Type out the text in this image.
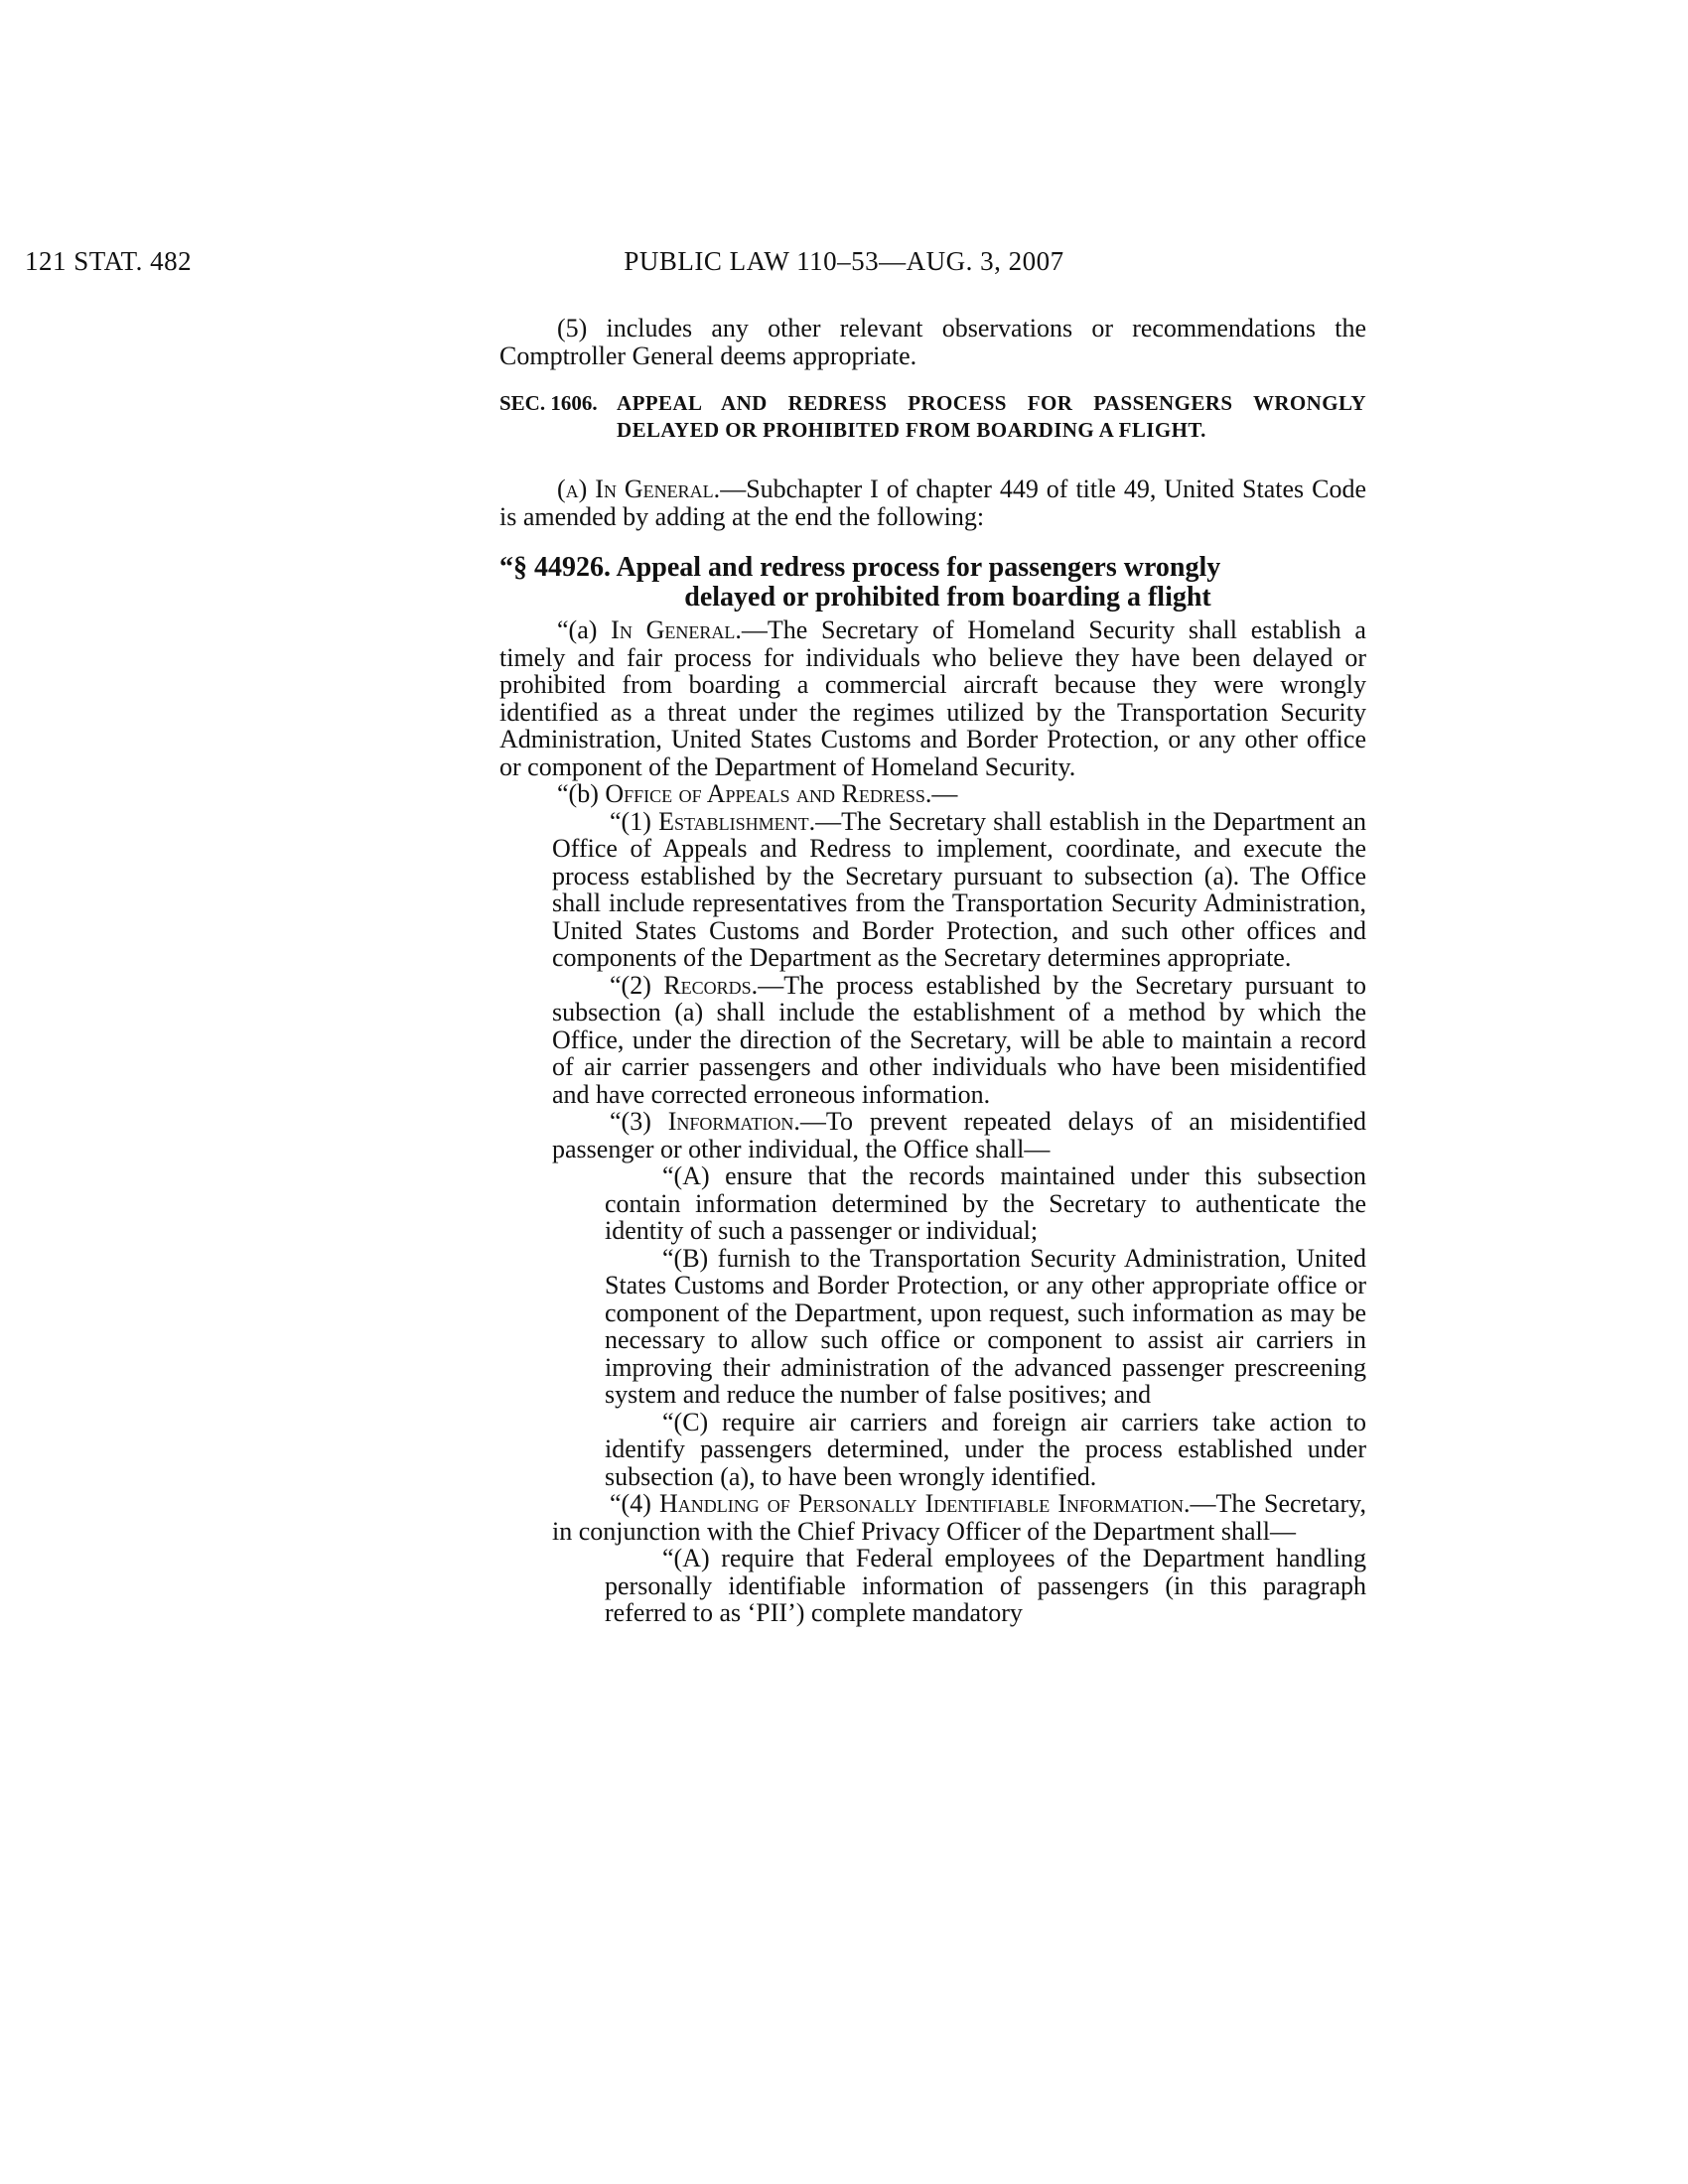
121 STAT. 482	PUBLIC LAW 110–53—AUG. 3, 2007

(5) includes any other relevant observations or recommendations the Comptroller General deems appropriate.

SEC. 1606. APPEAL AND REDRESS PROCESS FOR PASSENGERS WRONGLY DELAYED OR PROHIBITED FROM BOARDING A FLIGHT.

(a) In General.—Subchapter I of chapter 449 of title 49, United States Code is amended by adding at the end the following:

“§ 44926. Appeal and redress process for passengers wrongly
delayed or prohibited from boarding a flight

“(a) In General.—The Secretary of Homeland Security shall establish a timely and fair process for individuals who believe they have been delayed or prohibited from boarding a commercial aircraft because they were wrongly identified as a threat under the regimes utilized by the Transportation Security Administration, United States Customs and Border Protection, or any other office or component of the Department of Homeland Security.

“(b) Office of Appeals and Redress.—

“(1) Establishment.—The Secretary shall establish in the Department an Office of Appeals and Redress to implement, coordinate, and execute the process established by the Secretary pursuant to subsection (a). The Office shall include representatives from the Transportation Security Administration, United States Customs and Border Protection, and such other offices and components of the Department as the Secretary determines appropriate.

“(2) Records.—The process established by the Secretary pursuant to subsection (a) shall include the establishment of a method by which the Office, under the direction of the Secretary, will be able to maintain a record of air carrier passengers and other individuals who have been misidentified and have corrected erroneous information.

“(3) Information.—To prevent repeated delays of an misidentified passenger or other individual, the Office shall—

“(A) ensure that the records maintained under this subsection contain information determined by the Secretary to authenticate the identity of such a passenger or individual;

“(B) furnish to the Transportation Security Administration, United States Customs and Border Protection, or any other appropriate office or component of the Department, upon request, such information as may be necessary to allow such office or component to assist air carriers in improving their administration of the advanced passenger prescreening system and reduce the number of false positives; and

“(C) require air carriers and foreign air carriers take action to identify passengers determined, under the process established under subsection (a), to have been wrongly identified.

“(4) Handling of Personally Identifiable Information.—The Secretary, in conjunction with the Chief Privacy Officer of the Department shall—

“(A) require that Federal employees of the Department handling personally identifiable information of passengers (in this paragraph referred to as ‘PII’) complete mandatory
